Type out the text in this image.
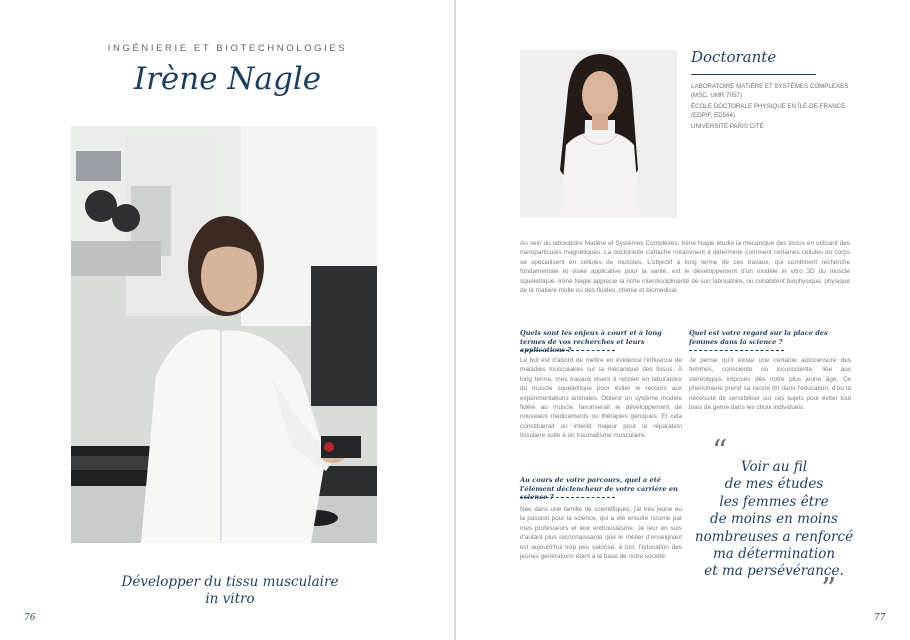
INGÉNIERIE ET BIOTECHNOLOGIES
Irène Nagle
Développer du tissu musculaire
in vitro
76
Doctorante
LABORATOIRE MATIÈRE ET SYSTÈMES COMPLEXES (MSC, UMR 7057)
ÉCOLE DOCTORALE PHYSIQUE EN ÎLE-DE-FRANCE (EDPIF, ED564)
UNIVERSITÉ PARIS CITÉ
Au sein du laboratoire Matière et Systèmes Complexes, Irène Nagle étudie la mécanique des tissus en utilisant des nanoparticules magnétiques. La doctorante s'attache notamment à déterminer comment certaines cellules du corps se spécialisent en cellules de muscles. L'objectif à long terme de ces travaux, qui combinent recherche fondamentale et visée applicative pour la santé, est le développement d'un modèle in vitro 3D du muscle squelettique. Irène Nagle apprécie la riche interdisciplinarité de son laboratoire, où cohabitent biophysique, physique de la matière molle ou des fluides, chimie et biomédical.
Quels sont les enjeux à court et à long termes de vos recherches et leurs applications ?
Le but est d'abord de mettre en évidence l'influence de maladies musculaires sur la mécanique des tissus. À long terme, mes travaux visent à recréer en laboratoire du muscle squelettique pour éviter le recours aux expérimentations animales. Obtenir un système modèle fidèle au muscle favoriserait le développement de nouveaux médicaments ou thérapies géniques. Et cela constituerait un intérêt majeur pour la réparation tissulaire suite à un traumatisme musculaire.
Au cours de votre parcours, quel a été l'élément déclencheur de votre carrière en science ?
Née dans une famille de scientifiques, j'ai très jeune eu la passion pour la science, qui a été ensuite nourrie par mes professeurs et leur enthousiasme. Je leur en suis d'autant plus reconnaissante que le métier d'enseignant est aujourd'hui trop peu valorisé, à tort, l'éducation des jeunes générations étant à la base de notre société.
Quel est votre regard sur la place des femmes dans la science ?
Je pense qu'il existe une certaine autocensure des femmes, consciente ou inconsciente, liée aux stéréotypes imposés dès notre plus jeune âge. Ce phénomène prend sa racine tôt dans l'éducation, d'où la nécessité de sensibiliser sur ces sujets pour éviter tout biais de genre dans les choix individuels.
“	Voir au fil
de mes études
les femmes être
de moins en moins
nombreuses a renforcé
ma détermination
et ma persévérance.
”
77
